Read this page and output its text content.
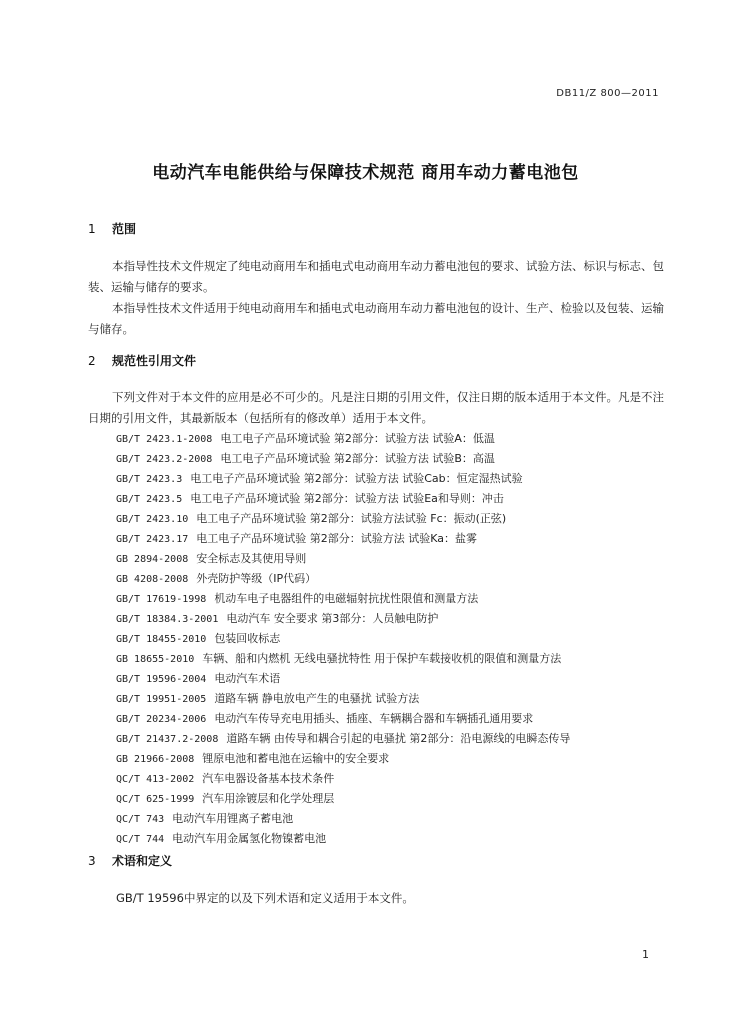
DB11/Z 800—2011
电动汽车电能供给与保障技术规范 商用车动力蓄电池包
1 范围
本指导性技术文件规定了纯电动商用车和插电式电动商用车动力蓄电池包的要求、试验方法、标识与标志、包装、运输与储存的要求。
本指导性技术文件适用于纯电动商用车和插电式电动商用车动力蓄电池包的设计、生产、检验以及包装、运输与储存。
2 规范性引用文件
下列文件对于本文件的应用是必不可少的。凡是注日期的引用文件，仅注日期的版本适用于本文件。凡是不注日期的引用文件，其最新版本（包括所有的修改单）适用于本文件。
GB/T 2423.1-2008 电工电子产品环境试验 第2部分：试验方法 试验A：低温
GB/T 2423.2-2008 电工电子产品环境试验 第2部分：试验方法 试验B：高温
GB/T 2423.3 电工电子产品环境试验 第2部分：试验方法 试验Cab：恒定湿热试验
GB/T 2423.5 电工电子产品环境试验 第2部分：试验方法 试验Ea和导则：冲击
GB/T 2423.10 电工电子产品环境试验 第2部分：试验方法试验 Fc：振动(正弦)
GB/T 2423.17 电工电子产品环境试验 第2部分：试验方法 试验Ka：盐雾
GB 2894-2008 安全标志及其使用导则
GB 4208-2008 外壳防护等级（IP代码）
GB/T 17619-1998 机动车电子电器组件的电磁辐射抗扰性限值和测量方法
GB/T 18384.3-2001 电动汽车 安全要求 第3部分：人员触电防护
GB/T 18455-2010 包装回收标志
GB 18655-2010 车辆、船和内燃机 无线电骚扰特性 用于保护车载接收机的限值和测量方法
GB/T 19596-2004 电动汽车术语
GB/T 19951-2005 道路车辆 静电放电产生的电骚扰 试验方法
GB/T 20234-2006 电动汽车传导充电用插头、插座、车辆耦合器和车辆插孔通用要求
GB/T 21437.2-2008 道路车辆 由传导和耦合引起的电骚扰 第2部分：沿电源线的电瞬态传导
GB 21966-2008 锂原电池和蓄电池在运输中的安全要求
QC/T 413-2002 汽车电器设备基本技术条件
QC/T 625-1999 汽车用涂镀层和化学处理层
QC/T 743 电动汽车用锂离子蓄电池
QC/T 744 电动汽车用金属氢化物镍蓄电池
3 术语和定义
GB/T 19596中界定的以及下列术语和定义适用于本文件。
1
